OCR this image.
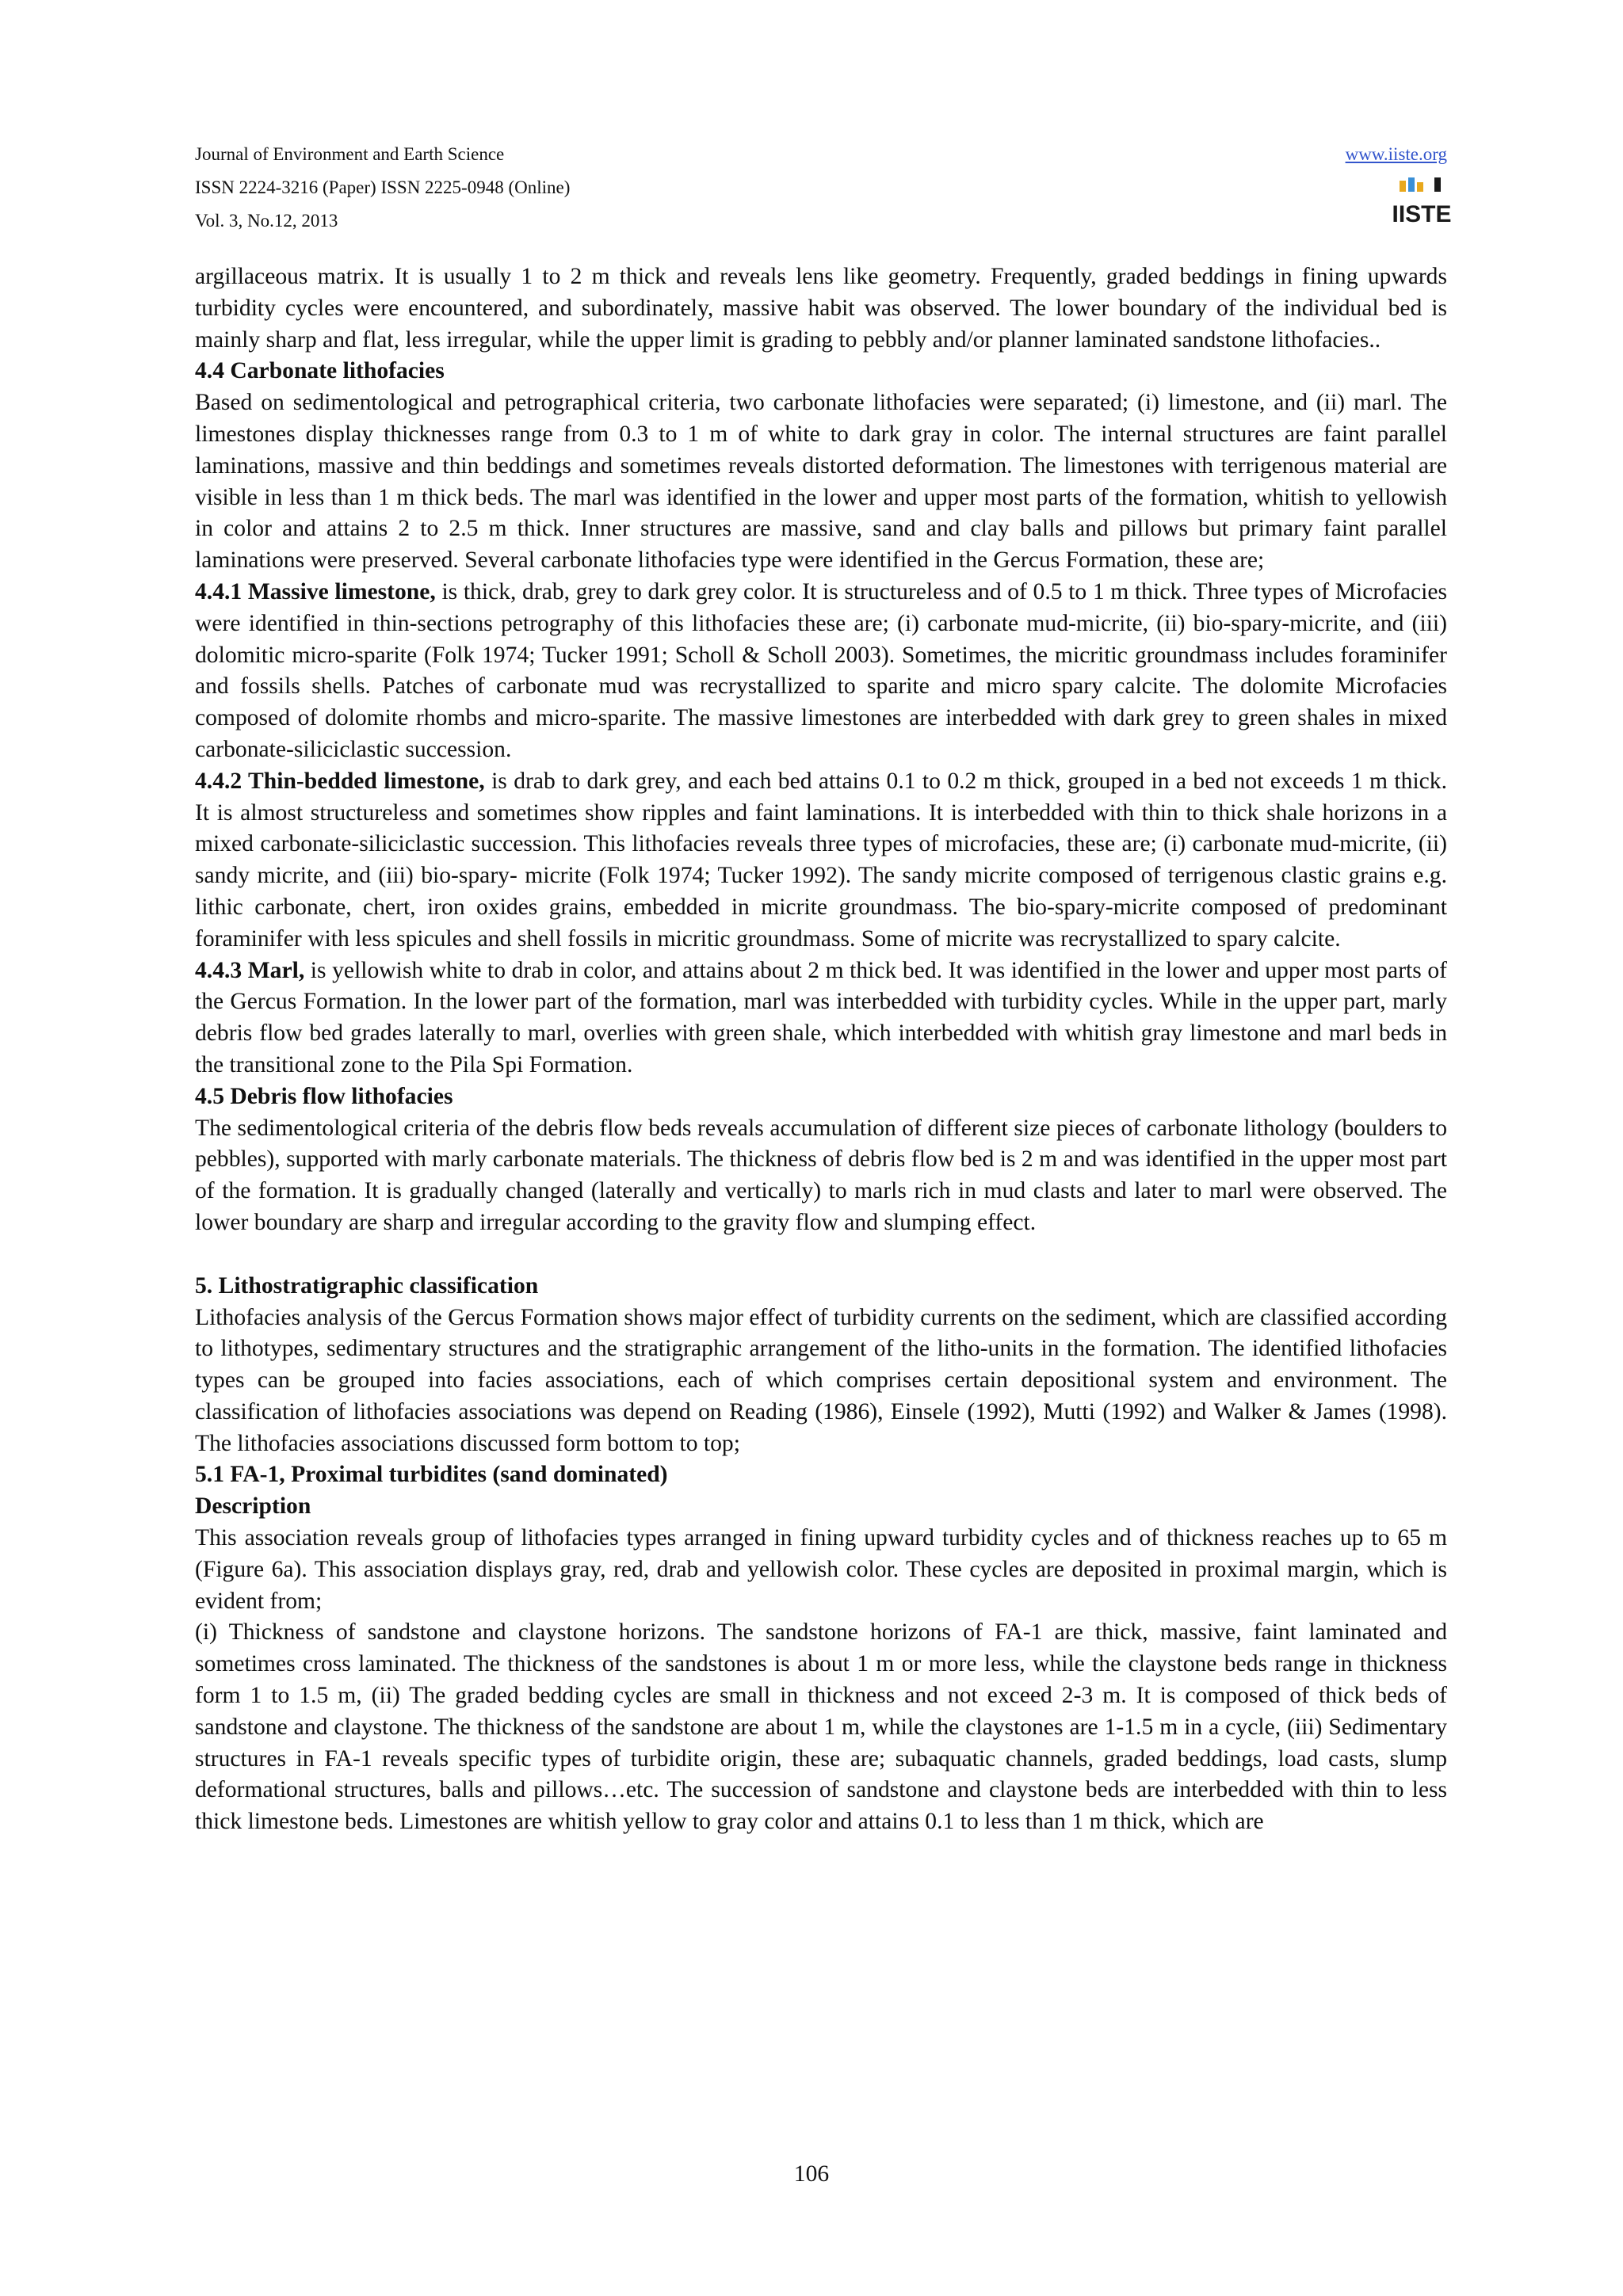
Journal of Environment and Earth Science
ISSN 2224-3216 (Paper) ISSN 2225-0948 (Online)
Vol. 3, No.12, 2013
www.iiste.org
IISTE

argillaceous matrix. It is usually 1 to 2 m thick and reveals lens like geometry. Frequently, graded beddings in fining upwards turbidity cycles were encountered, and subordinately, massive habit was observed. The lower boundary of the individual bed is mainly sharp and flat, less irregular, while the upper limit is grading to pebbly and/or planner laminated sandstone lithofacies..

4.4 Carbonate lithofacies

Based on sedimentological and petrographical criteria, two carbonate lithofacies were separated; (i) limestone, and (ii) marl. The limestones display thicknesses range from 0.3 to 1 m of white to dark gray in color. The internal structures are faint parallel laminations, massive and thin beddings and sometimes reveals distorted deformation. The limestones with terrigenous material are visible in less than 1 m thick beds. The marl was identified in the lower and upper most parts of the formation, whitish to yellowish in color and attains 2 to 2.5 m thick. Inner structures are massive, sand and clay balls and pillows but primary faint parallel laminations were preserved. Several carbonate lithofacies type were identified in the Gercus Formation, these are;

4.4.1 Massive limestone, is thick, drab, grey to dark grey color. It is structureless and of 0.5 to 1 m thick. Three types of Microfacies were identified in thin-sections petrography of this lithofacies these are; (i) carbonate mud-micrite, (ii) bio-spary-micrite, and (iii) dolomitic micro-sparite (Folk 1974; Tucker 1991; Scholl & Scholl 2003). Sometimes, the micritic groundmass includes foraminifer and fossils shells. Patches of carbonate mud was recrystallized to sparite and micro spary calcite. The dolomite Microfacies composed of dolomite rhombs and micro-sparite. The massive limestones are interbedded with dark grey to green shales in mixed carbonate-siliciclastic succession.

4.4.2 Thin-bedded limestone, is drab to dark grey, and each bed attains 0.1 to 0.2 m thick, grouped in a bed not exceeds 1 m thick. It is almost structureless and sometimes show ripples and faint laminations. It is interbedded with thin to thick shale horizons in a mixed carbonate-siliciclastic succession. This lithofacies reveals three types of microfacies, these are; (i) carbonate mud-micrite, (ii) sandy micrite, and (iii) bio-spary- micrite (Folk 1974; Tucker 1992). The sandy micrite composed of terrigenous clastic grains e.g. lithic carbonate, chert, iron oxides grains, embedded in micrite groundmass. The bio-spary-micrite composed of predominant foraminifer with less spicules and shell fossils in micritic groundmass. Some of micrite was recrystallized to spary calcite.

4.4.3 Marl, is yellowish white to drab in color, and attains about 2 m thick bed. It was identified in the lower and upper most parts of the Gercus Formation. In the lower part of the formation, marl was interbedded with turbidity cycles. While in the upper part, marly debris flow bed grades laterally to marl, overlies with green shale, which interbedded with whitish gray limestone and marl beds in the transitional zone to the Pila Spi Formation.

4.5 Debris flow lithofacies

The sedimentological criteria of the debris flow beds reveals accumulation of different size pieces of carbonate lithology (boulders to pebbles), supported with marly carbonate materials. The thickness of debris flow bed is 2 m and was identified in the upper most part of the formation. It is gradually changed (laterally and vertically) to marls rich in mud clasts and later to marl were observed. The lower boundary are sharp and irregular according to the gravity flow and slumping effect.

5. Lithostratigraphic classification

Lithofacies analysis of the Gercus Formation shows major effect of turbidity currents on the sediment, which are classified according to lithotypes, sedimentary structures and the stratigraphic arrangement of the litho-units in the formation. The identified lithofacies types can be grouped into facies associations, each of which comprises certain depositional system and environment. The classification of lithofacies associations was depend on Reading (1986), Einsele (1992), Mutti (1992) and Walker & James (1998). The lithofacies associations discussed form bottom to top;

5.1 FA-1, Proximal turbidites (sand dominated)
Description

This association reveals group of lithofacies types arranged in fining upward turbidity cycles and of thickness reaches up to 65 m (Figure 6a). This association displays gray, red, drab and yellowish color. These cycles are deposited in proximal margin, which is evident from;

(i) Thickness of sandstone and claystone horizons. The sandstone horizons of FA-1 are thick, massive, faint laminated and sometimes cross laminated. The thickness of the sandstones is about 1 m or more less, while the claystone beds range in thickness form 1 to 1.5 m, (ii) The graded bedding cycles are small in thickness and not exceed 2-3 m. It is composed of thick beds of sandstone and claystone. The thickness of the sandstone are about 1 m, while the claystones are 1-1.5 m in a cycle, (iii) Sedimentary structures in FA-1 reveals specific types of turbidite origin, these are; subaquatic channels, graded beddings, load casts, slump deformational structures, balls and pillows…etc. The succession of sandstone and claystone beds are interbedded with thin to less thick limestone beds. Limestones are whitish yellow to gray color and attains 0.1 to less than 1 m thick, which are

106
